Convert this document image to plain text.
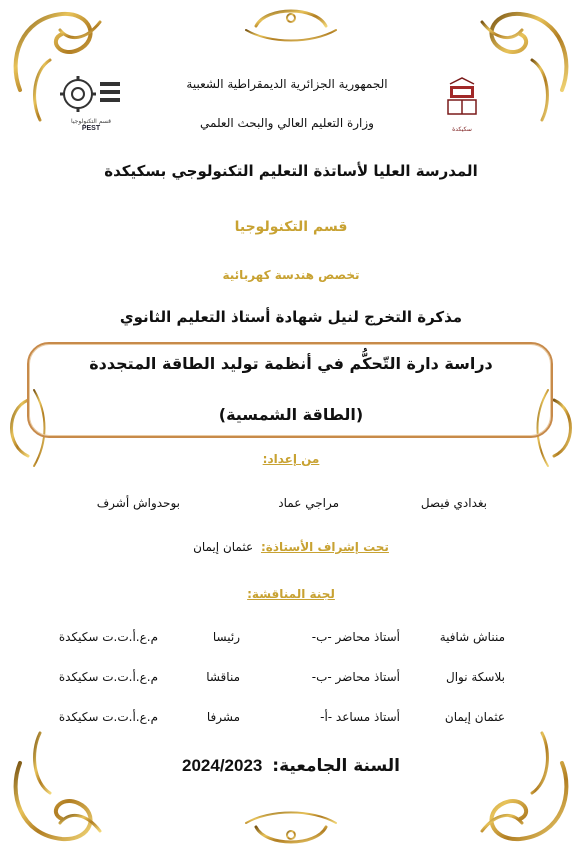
قسم التكنولوجيا
PEST	سكيكدة
الجمهورية الجزائرية الديمقراطية الشعبية
وزارة التعليم العالي والبحث العلمي
المدرسة العليا لأساتذة التعليم التكنولوجي بسكيكدة
قسم التكنولوجيا
تخصص هندسة كهربائية
مذكرة التخرج لنيل شهادة أستاذ التعليم الثانوي
دراسة دارة التّحكُّم في أنظمة توليد الطاقة المتجددة
(الطاقة الشمسية)
من إعداد:
بغدادي فيصل
مراجي عماد
بوحدواش أشرف
تحت إشراف الأستاذة: عثمان إيمان
لجنة المناقشة:
منناش شافية
أستاذ محاضر -ب-
رئيسا
م.ع.أ.ت.ت سكيكدة
بلاسكة نوال
أستاذ محاضر -ب-
مناقشا
م.ع.أ.ت.ت سكيكدة
عثمان إيمان
أستاذ مساعد -أ-
مشرفا
م.ع.أ.ت.ت سكيكدة
السنة الجامعية: 2024/2023
